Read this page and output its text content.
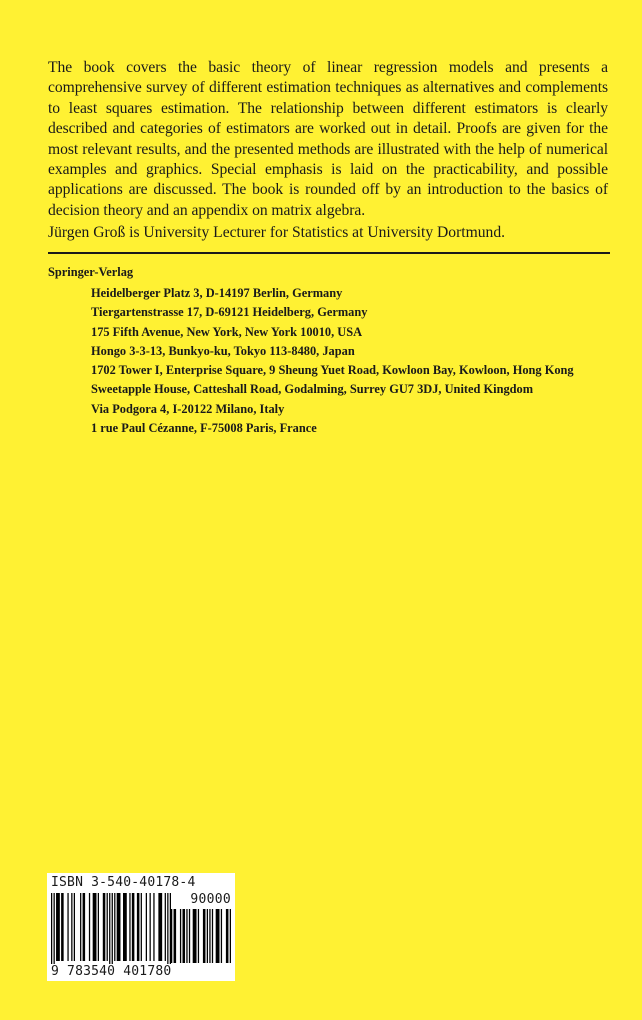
The book covers the basic theory of linear regression models and presents a comprehensive survey of different estimation techniques as alternatives and complements to least squares estimation. The relationship between different estimators is clearly described and categories of estimators are worked out in detail. Proofs are given for the most relevant results, and the presented methods are illustrated with the help of numerical examples and graphics. Special emphasis is laid on the practicability, and possible applications are discussed. The book is rounded off by an introduction to the basics of decision theory and an appendix on matrix algebra.

Jürgen Groß is University Lecturer for Statistics at University Dortmund.
Springer-Verlag
Heidelberger Platz 3, D-14197 Berlin, Germany
Tiergartenstrasse 17, D-69121 Heidelberg, Germany
175 Fifth Avenue, New York, New York 10010, USA
Hongo 3-3-13, Bunkyo-ku, Tokyo 113-8480, Japan
1702 Tower I, Enterprise Square, 9 Sheung Yuet Road, Kowloon Bay, Kowloon, Hong Kong
Sweetapple House, Catteshall Road, Godalming, Surrey GU7 3DJ, United Kingdom
Via Podgora 4, I-20122 Milano, Italy
1 rue Paul Cézanne, F-75008 Paris, France
ISBN 3-540-40178-4
90000
9 783540 401780
